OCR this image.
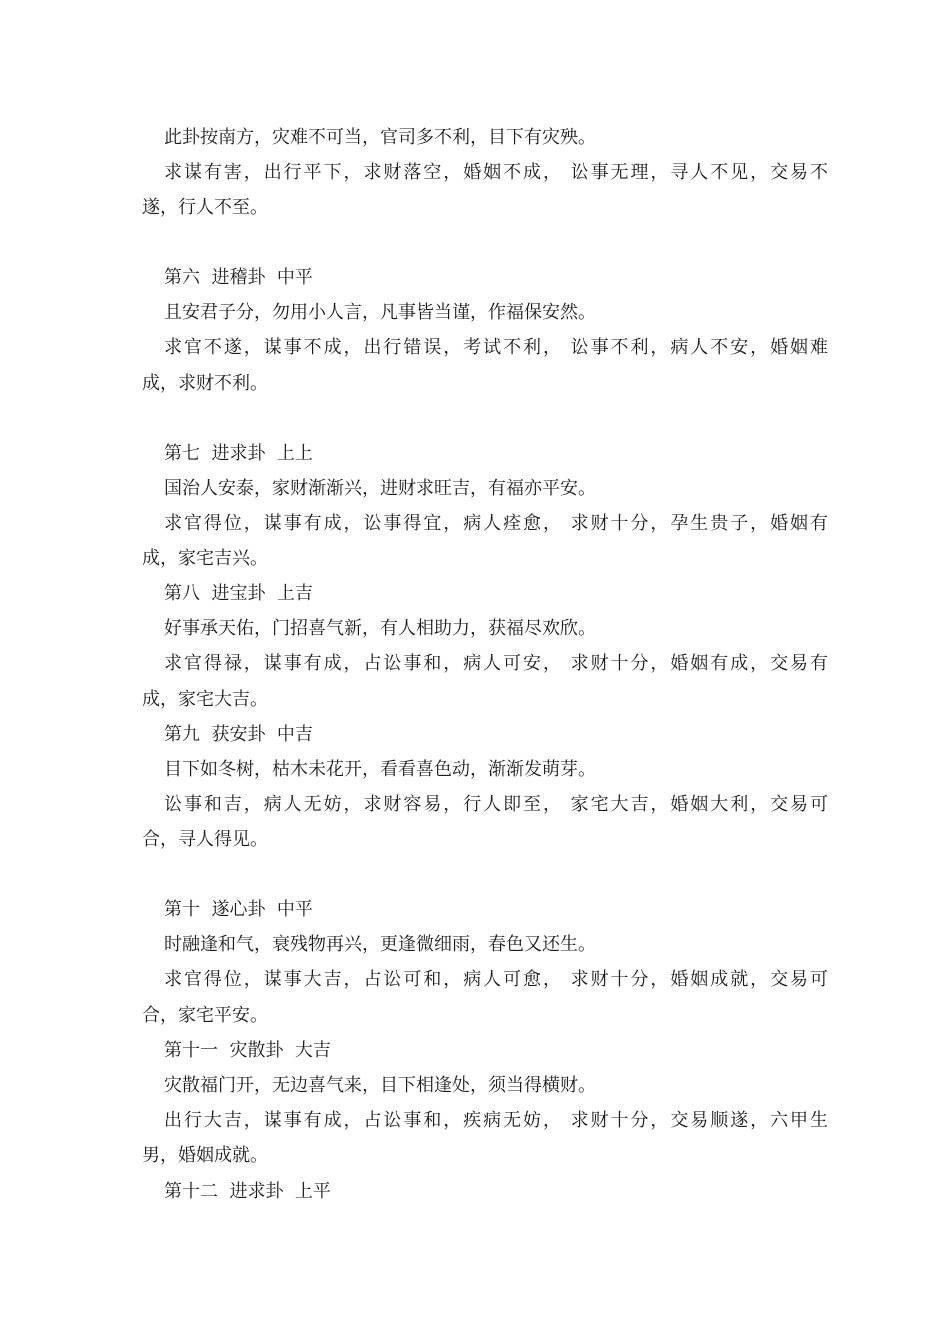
此卦按南方，灾难不可当，官司多不利，目下有灾殃。

求谋有害，出行平下，求财落空，婚姻不成， 讼事无理，寻人不见，交易不

遂，行人不至。

第六  进稽卦  中平

且安君子分，勿用小人言，凡事皆当谨，作福保安然。

求官不遂，谋事不成，出行错误，考试不利， 讼事不利，病人不安，婚姻难

成，求财不利。

第七  进求卦  上上

国治人安泰，家财渐渐兴，进财求旺吉，有福亦平安。

求官得位，谋事有成，讼事得宜，病人痊愈， 求财十分，孕生贵子，婚姻有

成，家宅吉兴。

第八  进宝卦  上吉

好事承天佑，门招喜气新，有人相助力，获福尽欢欣。

求官得禄，谋事有成，占讼事和，病人可安， 求财十分，婚姻有成，交易有

成，家宅大吉。

第九  获安卦  中吉

目下如冬树，枯木未花开，看看喜色动，渐渐发萌芽。

讼事和吉，病人无妨，求财容易，行人即至， 家宅大吉，婚姻大利，交易可

合，寻人得见。

第十  遂心卦  中平

时融逢和气，衰残物再兴，更逢微细雨，春色又还生。

求官得位，谋事大吉，占讼可和，病人可愈， 求财十分，婚姻成就，交易可

合，家宅平安。

第十一  灾散卦  大吉

灾散福门开，无边喜气来，目下相逢处，须当得横财。

出行大吉，谋事有成，占讼事和，疾病无妨， 求财十分，交易顺遂，六甲生

男，婚姻成就。

第十二  进求卦  上平
